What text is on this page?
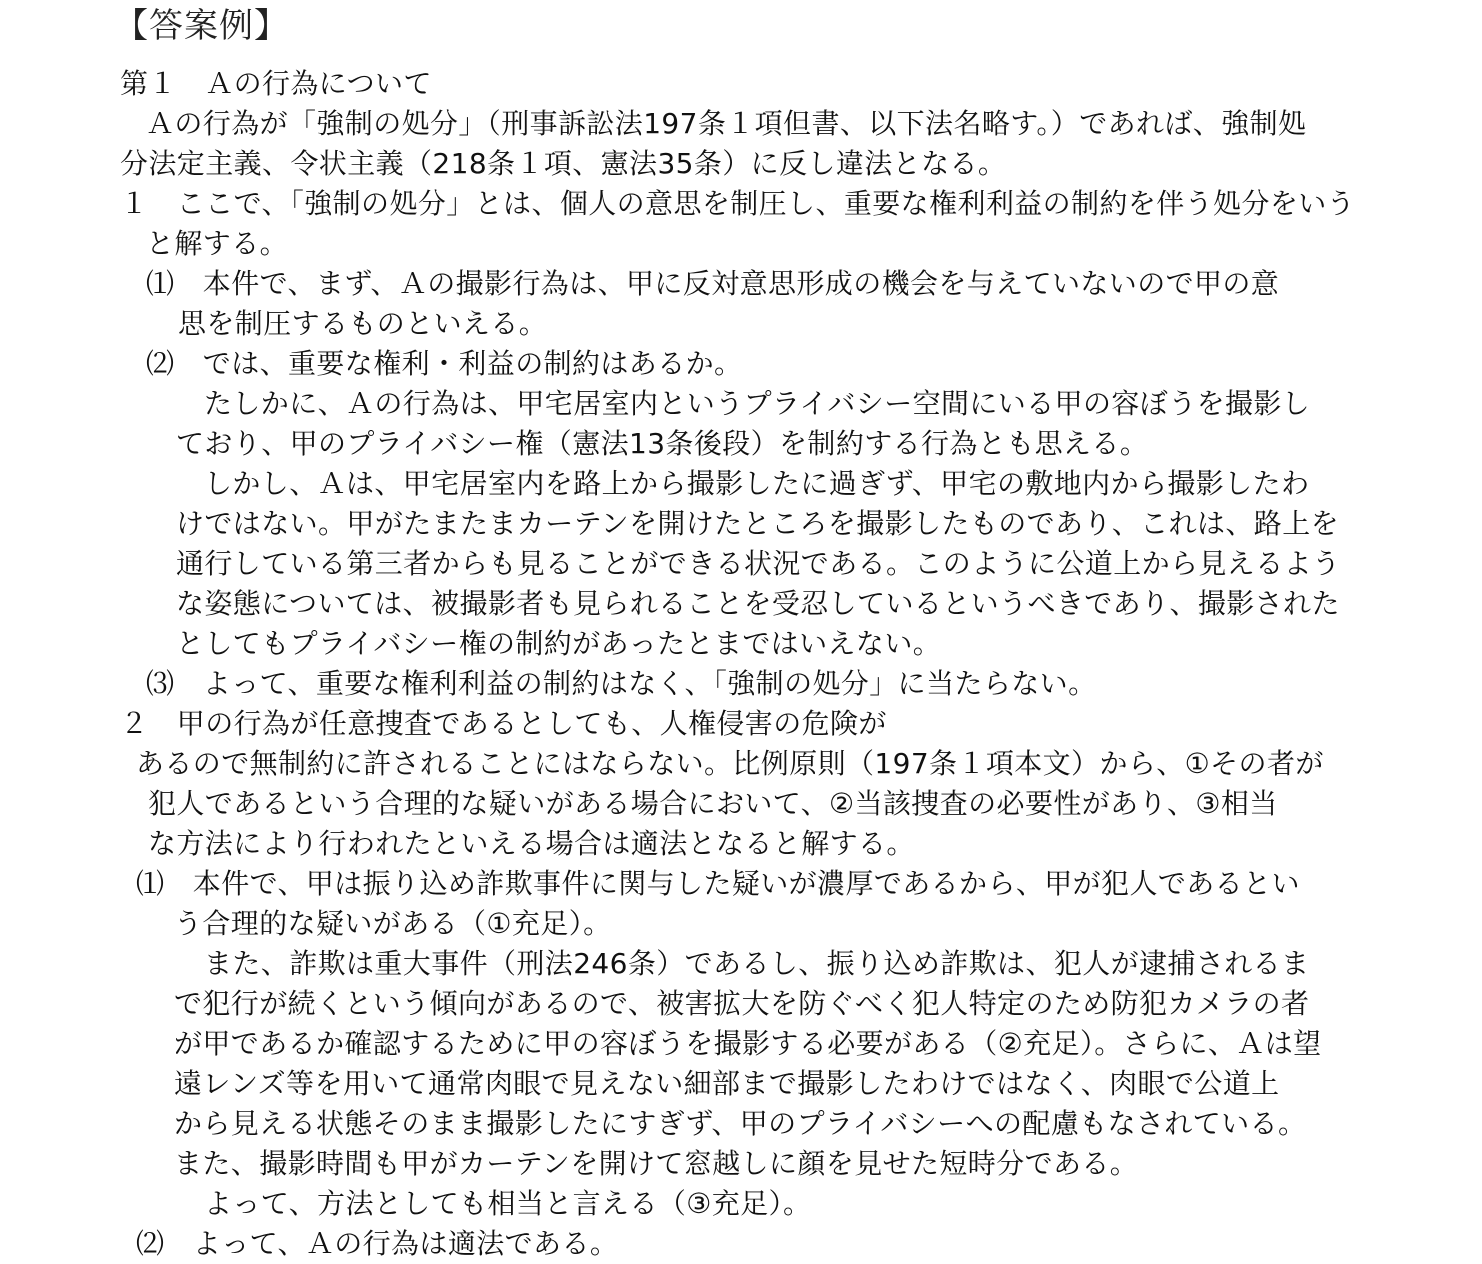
【答案例】
第１　Ａの行為について
Ａの行為が「強制の処分」（刑事訴訟法197条１項但書、以下法名略す。）であれば、強制処
分法定主義、令状主義（218条１項、憲法35条）に反し違法となる。
１　ここで、「強制の処分」とは、個人の意思を制圧し、重要な権利利益の制約を伴う処分をいう
と解する。
⑴　本件で、まず、Ａの撮影行為は、甲に反対意思形成の機会を与えていないので甲の意
思を制圧するものといえる。
⑵　では、重要な権利・利益の制約はあるか。
たしかに、Ａの行為は、甲宅居室内というプライバシー空間にいる甲の容ぼうを撮影し
ており、甲のプライバシー権（憲法13条後段）を制約する行為とも思える。
しかし、Ａは、甲宅居室内を路上から撮影したに過ぎず、甲宅の敷地内から撮影したわ
けではない。甲がたまたまカーテンを開けたところを撮影したものであり、これは、路上を
通行している第三者からも見ることができる状況である。このように公道上から見えるよう
な姿態については、被撮影者も見られることを受忍しているというべきであり、撮影された
としてもプライバシー権の制約があったとまではいえない。
⑶　よって、重要な権利利益の制約はなく、「強制の処分」に当たらない。
２　甲の行為が任意捜査であるとしても、人権侵害の危険が
あるので無制約に許されることにはならない。比例原則（197条１項本文）から、①その者が
犯人であるという合理的な疑いがある場合において、②当該捜査の必要性があり、③相当
な方法により行われたといえる場合は適法となると解する。
⑴　本件で、甲は振り込め詐欺事件に関与した疑いが濃厚であるから、甲が犯人であるとい
う合理的な疑いがある（①充足）。
また、詐欺は重大事件（刑法246条）であるし、振り込め詐欺は、犯人が逮捕されるま
で犯行が続くという傾向があるので、被害拡大を防ぐべく犯人特定のため防犯カメラの者
が甲であるか確認するために甲の容ぼうを撮影する必要がある（②充足）。さらに、Ａは望
遠レンズ等を用いて通常肉眼で見えない細部まで撮影したわけではなく、肉眼で公道上
から見える状態そのまま撮影したにすぎず、甲のプライバシーへの配慮もなされている。
また、撮影時間も甲がカーテンを開けて窓越しに顔を見せた短時分である。
よって、方法としても相当と言える（③充足）。
⑵　よって、Ａの行為は適法である。
